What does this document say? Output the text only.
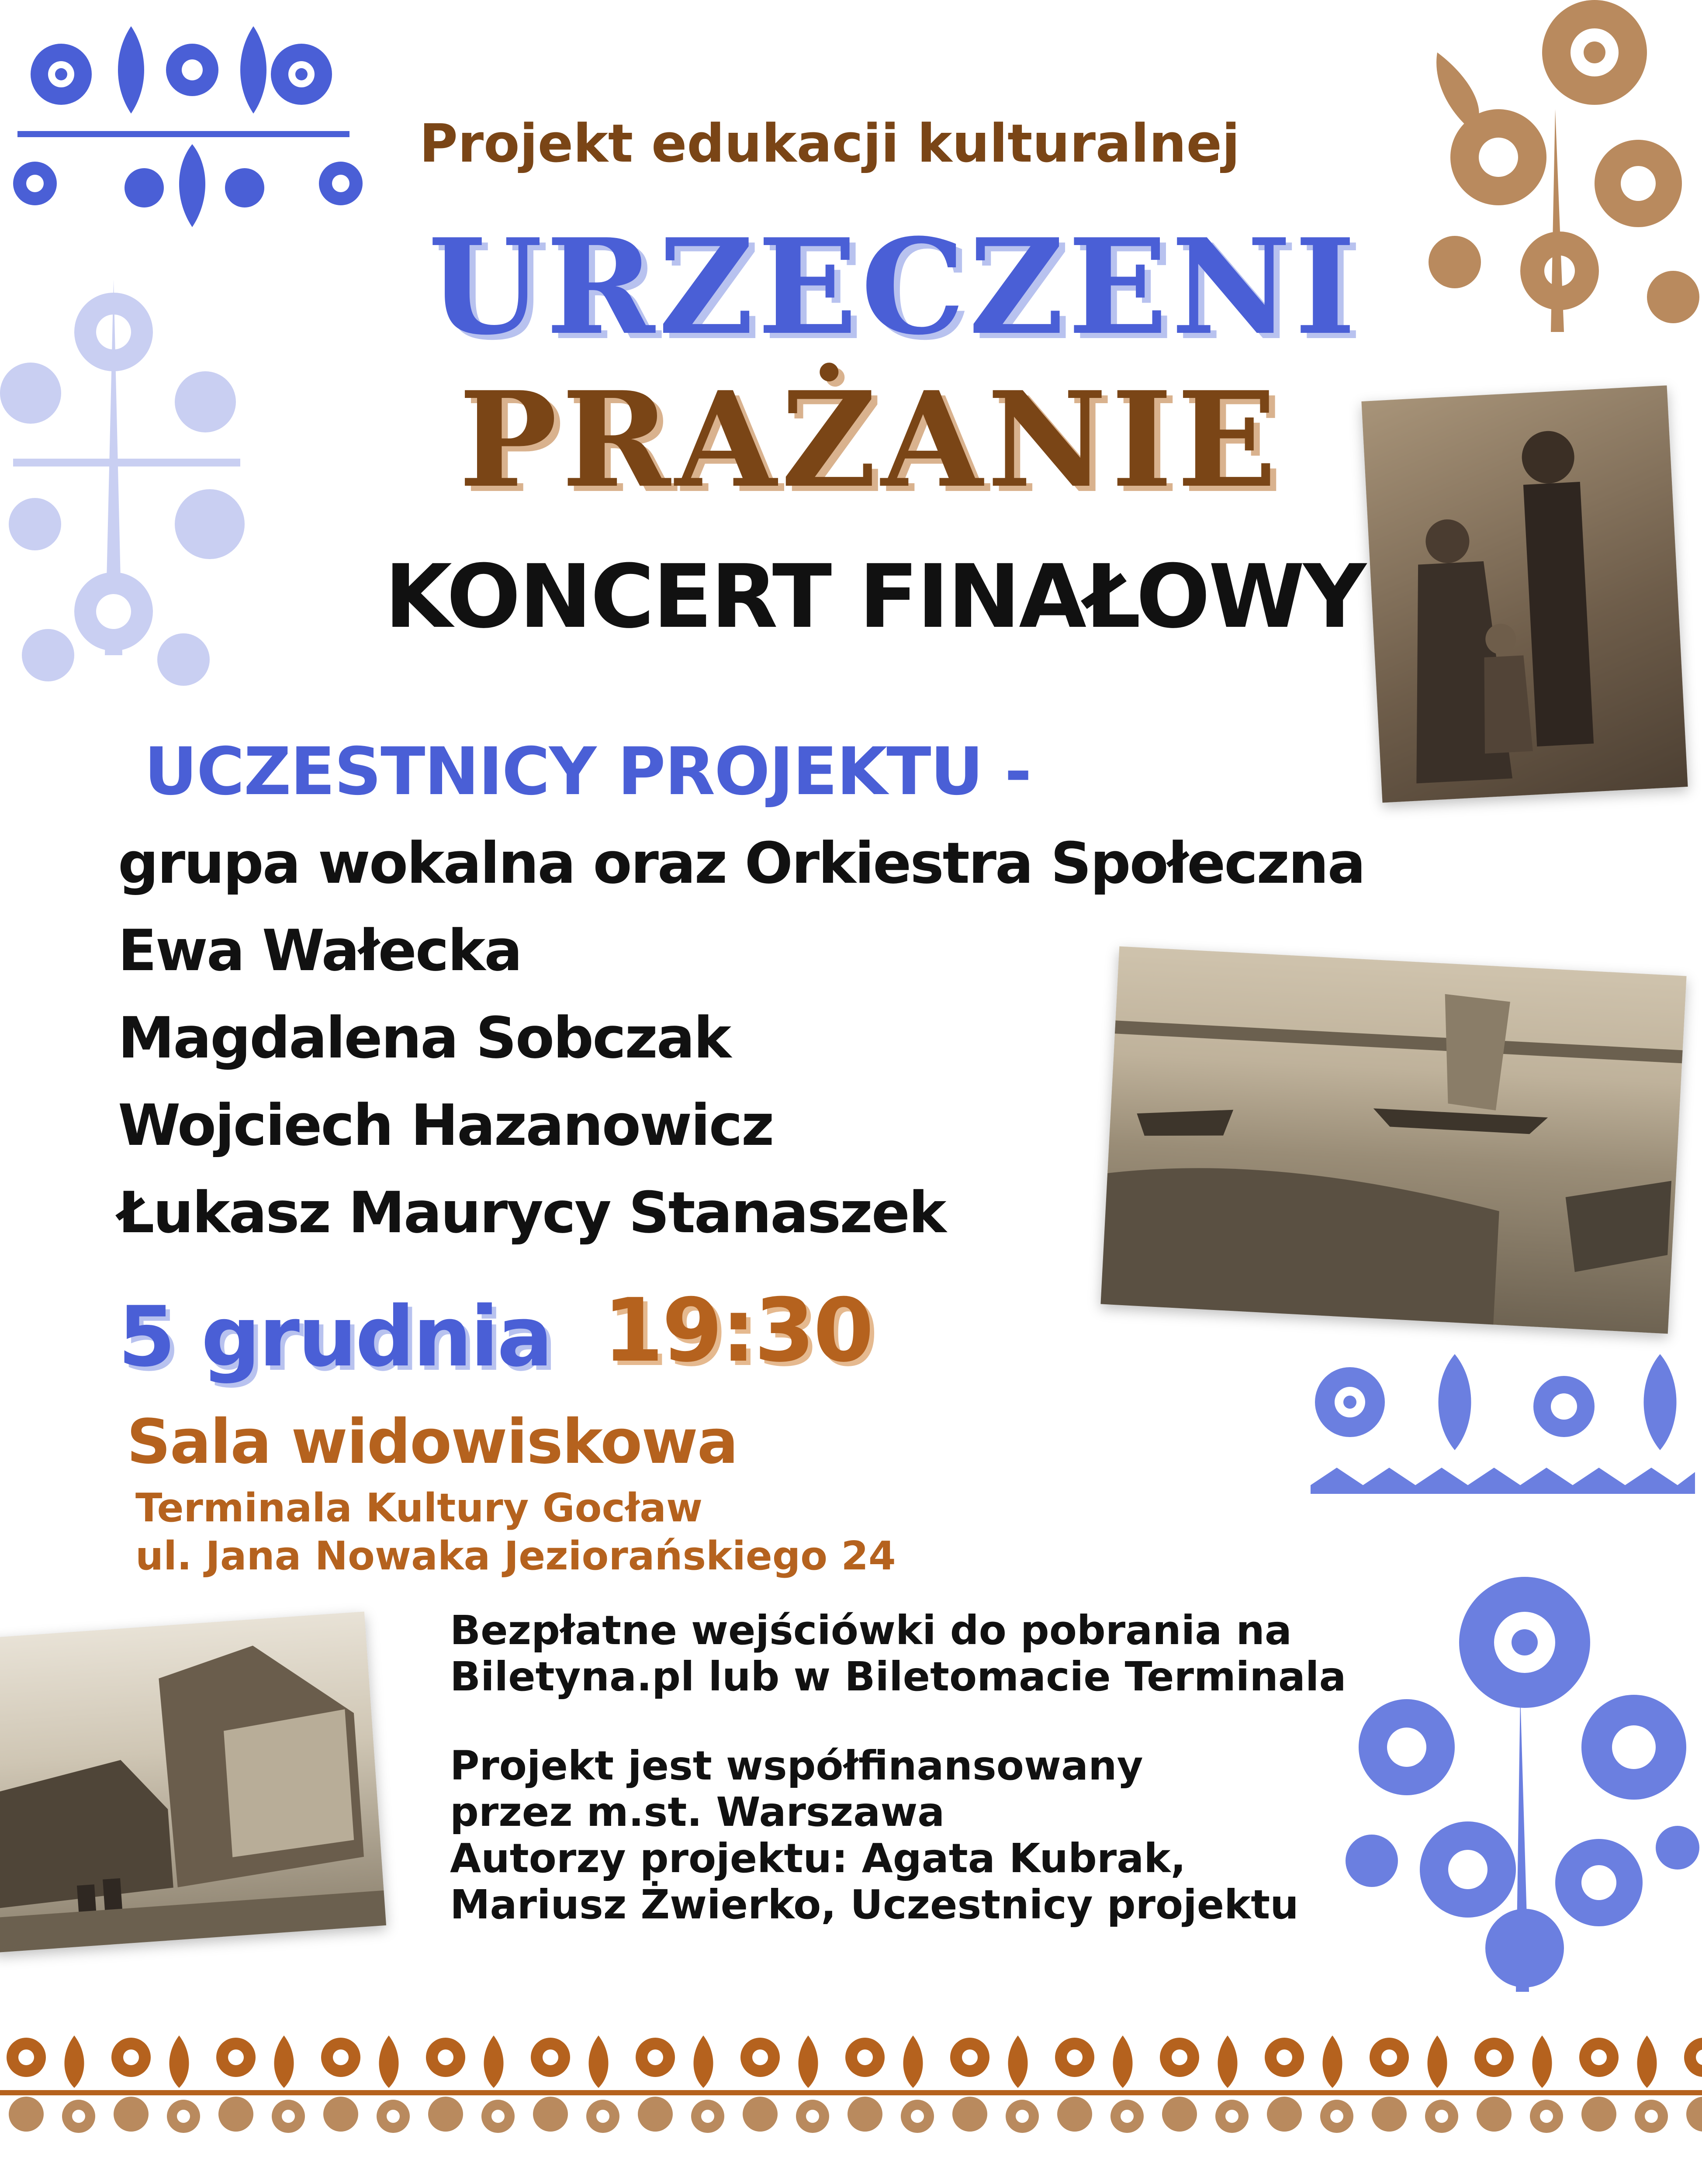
Projekt edukacji kulturalnej
URZECZENI
PRAŻANIE
KONCERT FINAŁOWY
UCZESTNICY PROJEKTU -
grupa wokalna oraz Orkiestra Społeczna
Ewa Wałecka
Magdalena Sobczak
Wojciech Hazanowicz
Łukasz Maurycy Stanaszek
5 grudnia 19:30
Sala widowiskowa
Terminala Kultury Gocław
ul. Jana Nowaka Jeziorańskiego 24
Bezpłatne wejściówki do pobrania na
Biletyna.pl lub w Biletomacie Terminala
Projekt jest współfinansowany
przez m.st. Warszawa
Autorzy projektu: Agata Kubrak,
Mariusz Żwierko, Uczestnicy projektu
